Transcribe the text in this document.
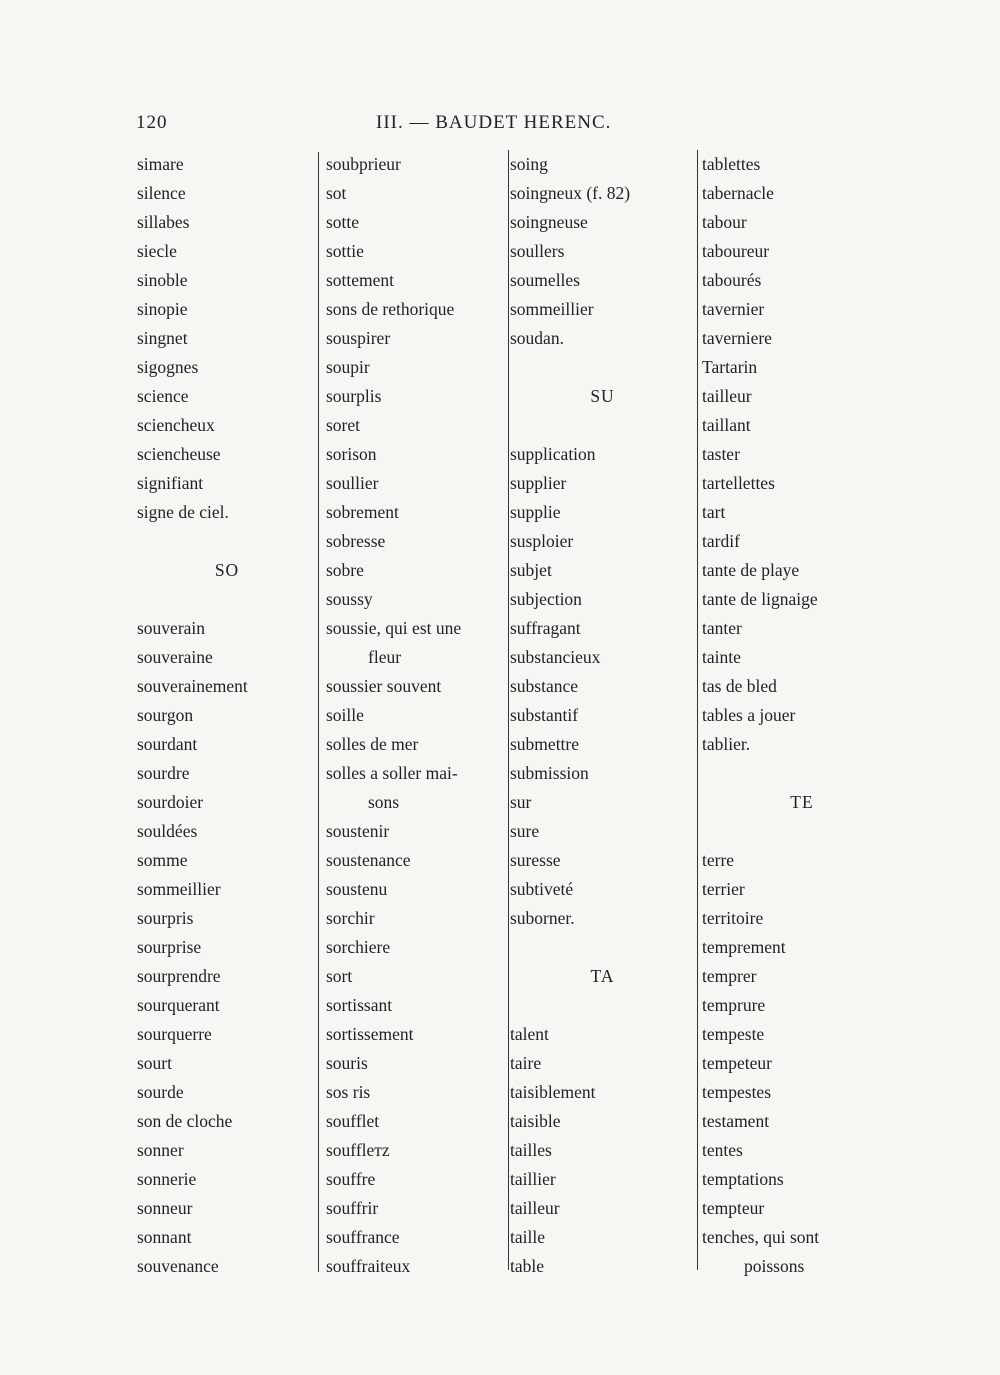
120	III. — BAUDET HERENC.
simare
silence
sillabes
siecle
sinoble
sinopie
singnet
sigognes
science
sciencheux
sciencheuse
signifiant
signe de ciel.

SO

souverain
souveraine
souverainement
sourgon
sourdant
sourdre
sourdoier
souldées
somme
sommeillier
sourpris
sourprise
sourprendre
sourquerant
sourquerre
sourt
sourde
son de cloche
sonner
sonnerie
sonneur
sonnant
souvenance
soubprieur
sot
sotte
sottie
sottement
sons de rethorique
souspirer
soupir
sourplis
soret
sorison
soullier
sobrement
sobresse
sobre
soussy
soussie, qui est une
fleur
soussier souvent
soille
solles de mer
solles a soller mai-
sons
soustenir
soustenance
soustenu
sorchir
sorchiere
sort
sortissant
sortissement
souris
sos ris
soufflet
soufflетz
souffre
souffrir
souffrance
souffraiteux
soing
soingneux (f. 82)
soingneuse
soullers
soumelles
sommeillier
soudan.

SU

supplication
supplier
supplie
susploier
subjet
subjection
suffragant
substancieux
substance
substantif
submettre
submission
sur
sure
suresse
subtiveté
suborner.

TA

talent
taire
taisiblement
taisible
tailles
taillier
tailleur
taille
table
tablettes
tabernacle
tabour
taboureur
tabourés
tavernier
taverniere
Tartarin
tailleur
taillant
taster
tartellettes
tart
tardif
tante de playe
tante de lignaige
tanter
tainte
tas de bled
tables a jouer
tablier.

TE

terre
terrier
territoire
temprement
temprer
temprure
tempeste
tempeteur
tempestes
testament
tentes
temptations
tempteur
tenches, qui sont
poissons
